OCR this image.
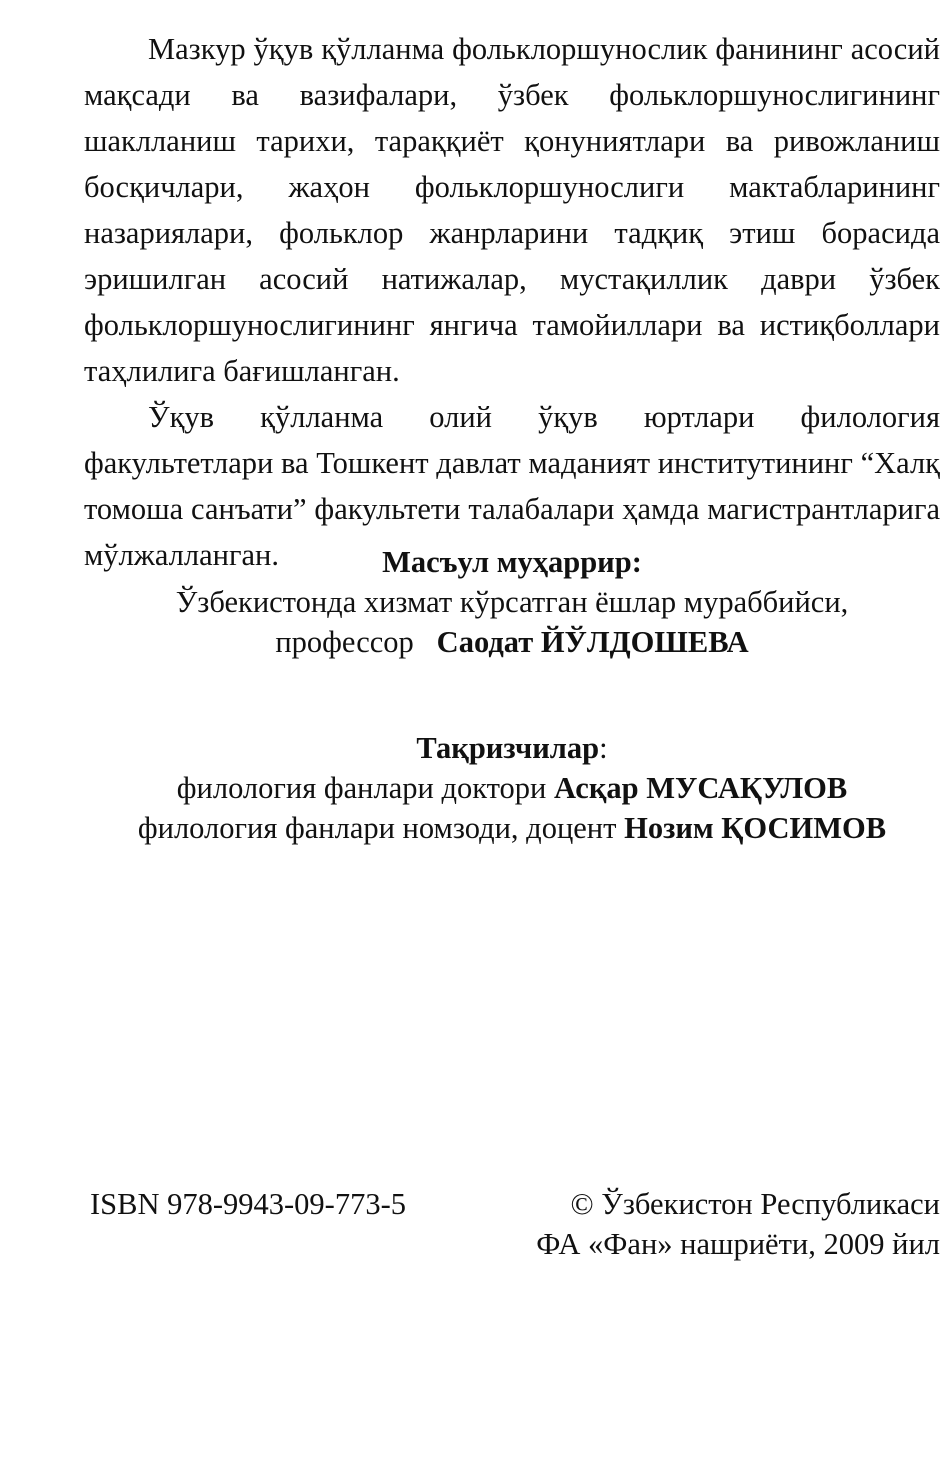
Мазкур ўқув қўлланма фольклоршунослик фанининг асосий мақсади ва вазифалари, ўзбек фольклоршунослигининг шаклланиш тарихи, тараққиёт қонуниятлари ва ривожланиш босқичлари, жаҳон фольклоршунослиги мактабларининг назариялари, фольклор жанрларини тадқиқ этиш борасида эришилган асосий натижалар, мустақиллик даври ўзбек фольклоршунослигининг янгича тамойиллари ва истиқболлари таҳлилига бағишланган.

Ўқув қўлланма олий ўқув юртлари филология факультетлари ва Тошкент давлат маданият институтининг “Халқ томоша санъати” факультети талабалари ҳамда магистрантларига мўлжалланган.	Масъул муҳаррир:
Ўзбекистонда хизмат кўрсатган ёшлар мураббийси,
профессор Саодат ЙЎЛДОШЕВА
Тақризчилар:
филология фанлари доктори Асқар МУСАҚУЛОВ
филология фанлари номзоди, доцент Нозим ҚОСИМОВ
ISBN 978-9943-09-773-5	© Ўзбекистон Республикаси
ФА «Фан» нашриёти, 2009 йил
